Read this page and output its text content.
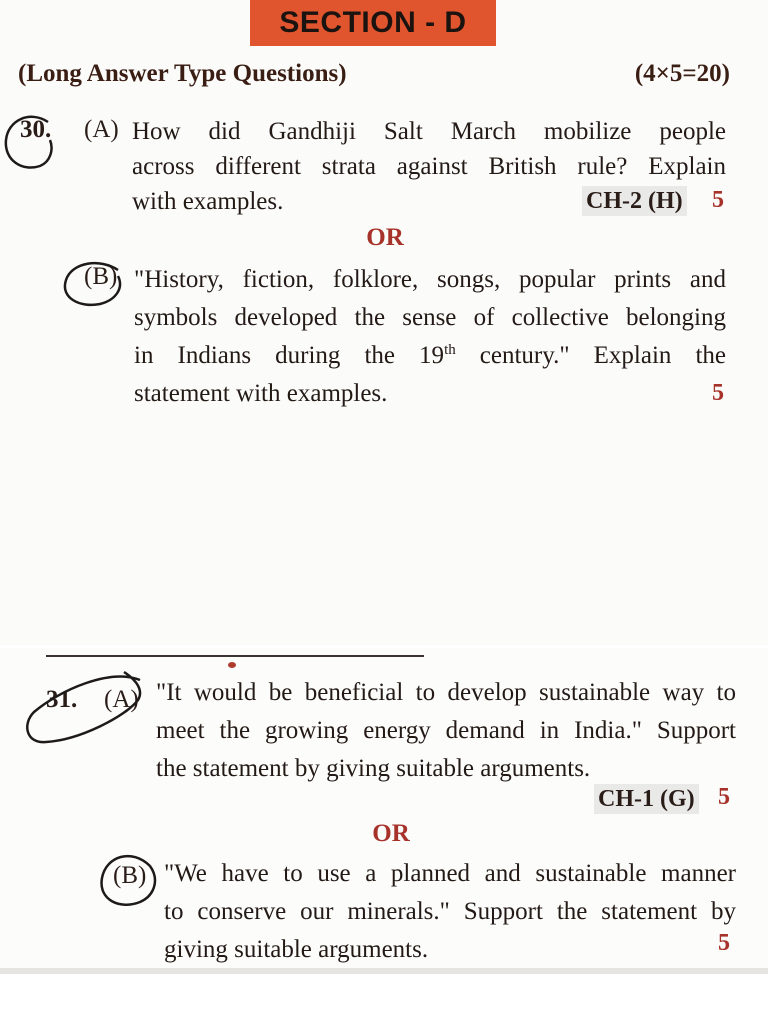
SECTION - D
(Long Answer Type Questions)	(4×5=20)
30. (A) How did Gandhiji Salt March mobilize people
across different strata against British rule? Explain
with examples.	CH-2 (H) 5
OR
(B) "History, fiction, folklore, songs, popular prints and
symbols developed the sense of collective belonging
in Indians during the 19th century." Explain the
statement with examples.	5
31. (A) "It would be beneficial to develop sustainable way to
meet the growing energy demand in India." Support
the statement by giving suitable arguments.
CH-1 (G) 5
OR
(B) "We have to use a planned and sustainable manner
to conserve our minerals." Support the statement by
giving suitable arguments.	5
